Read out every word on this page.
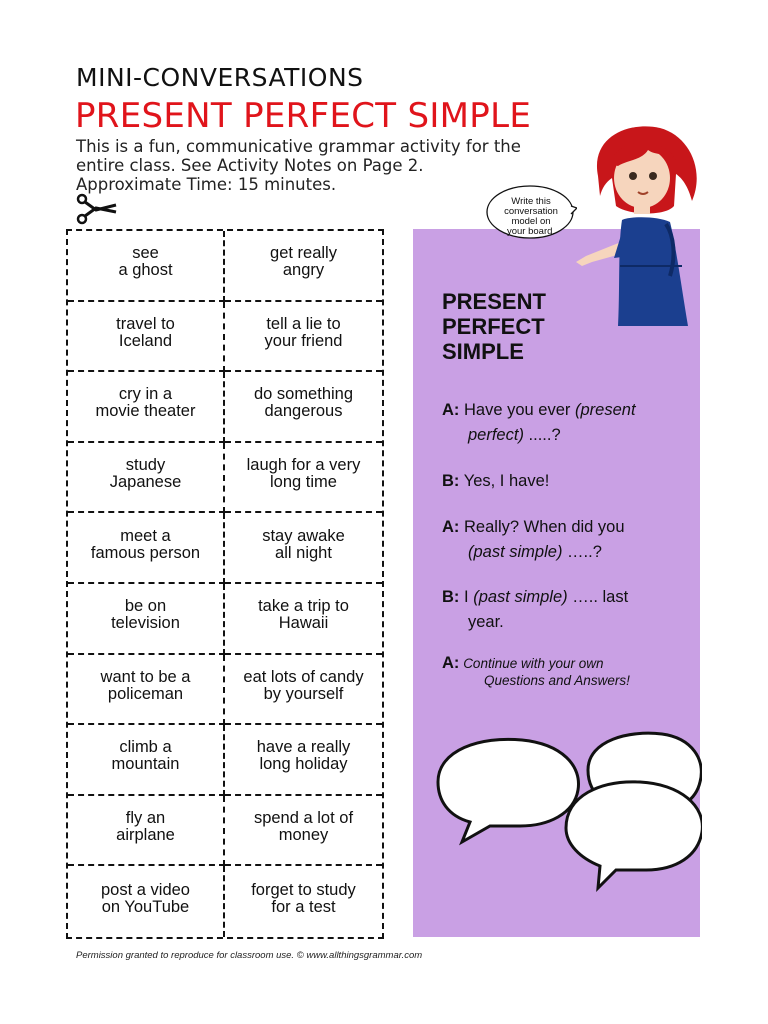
MINI-CONVERSATIONS
PRESENT PERFECT SIMPLE
This is a fun, communicative grammar activity for the
entire class. See Activity Notes on Page 2.
Approximate Time: 15 minutes.
see
a ghost
get really
angry
travel to
Iceland
tell a lie to
your friend
cry in a
movie theater
do something
dangerous
study
Japanese
laugh for a very
long time
meet a
famous person
stay awake
all night
be on
television
take a trip to
Hawaii
want to be a
policeman
eat lots of candy
by yourself
climb a
mountain
have a really
long holiday
fly an
airplane
spend a lot of
money
post a video
on YouTube
forget to study
for a test
Write this
conversation
model on
your board.
PRESENT
PERFECT
SIMPLE
A: Have you ever (present
perfect) .....?
B: Yes, I have!
A: Really? When did you
(past simple) …..?
B: I (past simple) ….. last
year.
A: Continue with your own
Questions and Answers!
Permission granted to reproduce for classroom use. © www.allthingsgrammar.com
